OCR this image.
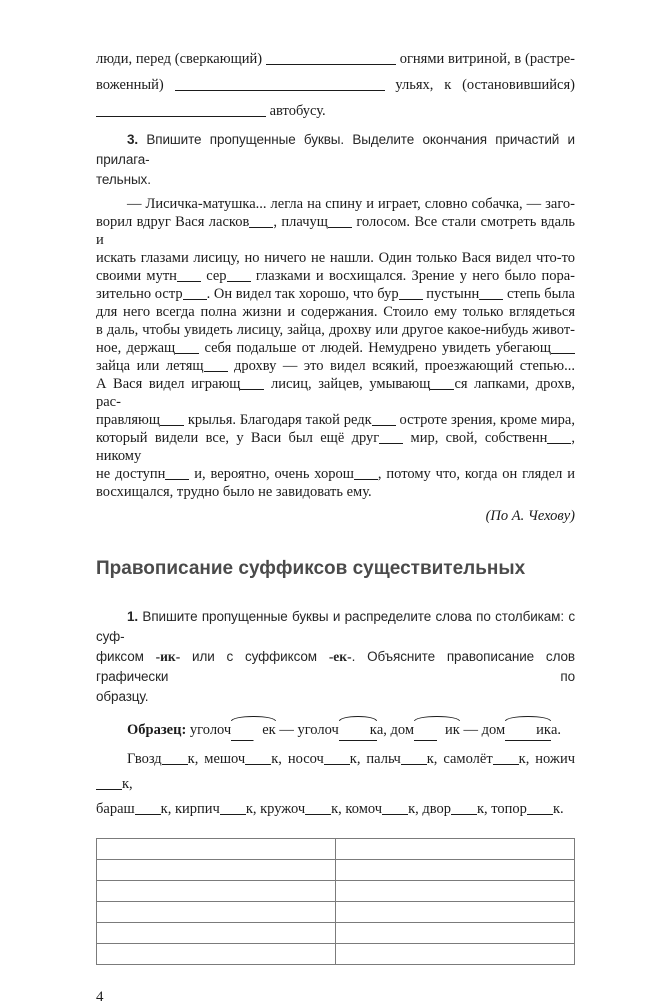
люди, перед (сверкающий)	огнями витриной, в (растре-
воженный)	ульях, к (остановившийся)
автобусу.
3. Впишите пропущенные буквы. Выделите окончания причастий и прилага-
тельных.
— Лисичка-матушка... легла на спину и играет, словно собачка, — заго-
ворил вдруг Вася ласков , плачущ голосом. Все стали смотреть вдаль и
искать глазами лисицу, но ничего не нашли. Один только Вася видел что-то
своими мутн сер глазками и восхищался. Зрение у него было пора-
зительно остр . Он видел так хорошо, что бур пустынн степь была
для него всегда полна жизни и содержания. Стоило ему только вглядеться
в даль, чтобы увидеть лисицу, зайца, дрохву или другое какое-нибудь живот-
ное, держащ себя подальше от людей. Немудрено увидеть убегающ
зайца или летящ дрохву — это видел всякий, проезжающий степью...
А Вася видел играющ лисиц, зайцев, умывающ ся лапками, дрохв, рас-
правляющ крылья. Благодаря такой редк остроте зрения, кроме мира,
который видели все, у Васи был ещё друг мир, свой, собственн , никому
не доступн и, вероятно, очень хорош , потому что, когда он глядел и
восхищался, трудно было не завидовать ему.
(По А. Чехову)
Правописание суффиксов существительных
1. Впишите пропущенные буквы и распределите слова по столбикам: с суф-
фиксом -ик- или с суффиксом -ек-. Объясните правописание слов графически по
образцу.
Образец: уголоч ек — уголоч ка, дом ик — дом ика.
Гвозд к, мешоч к, носоч к, пальч к, самолёт к, ножичк,
бараш к, кирпич к, кружоч к, комоч к, двор к, топор к.

4
